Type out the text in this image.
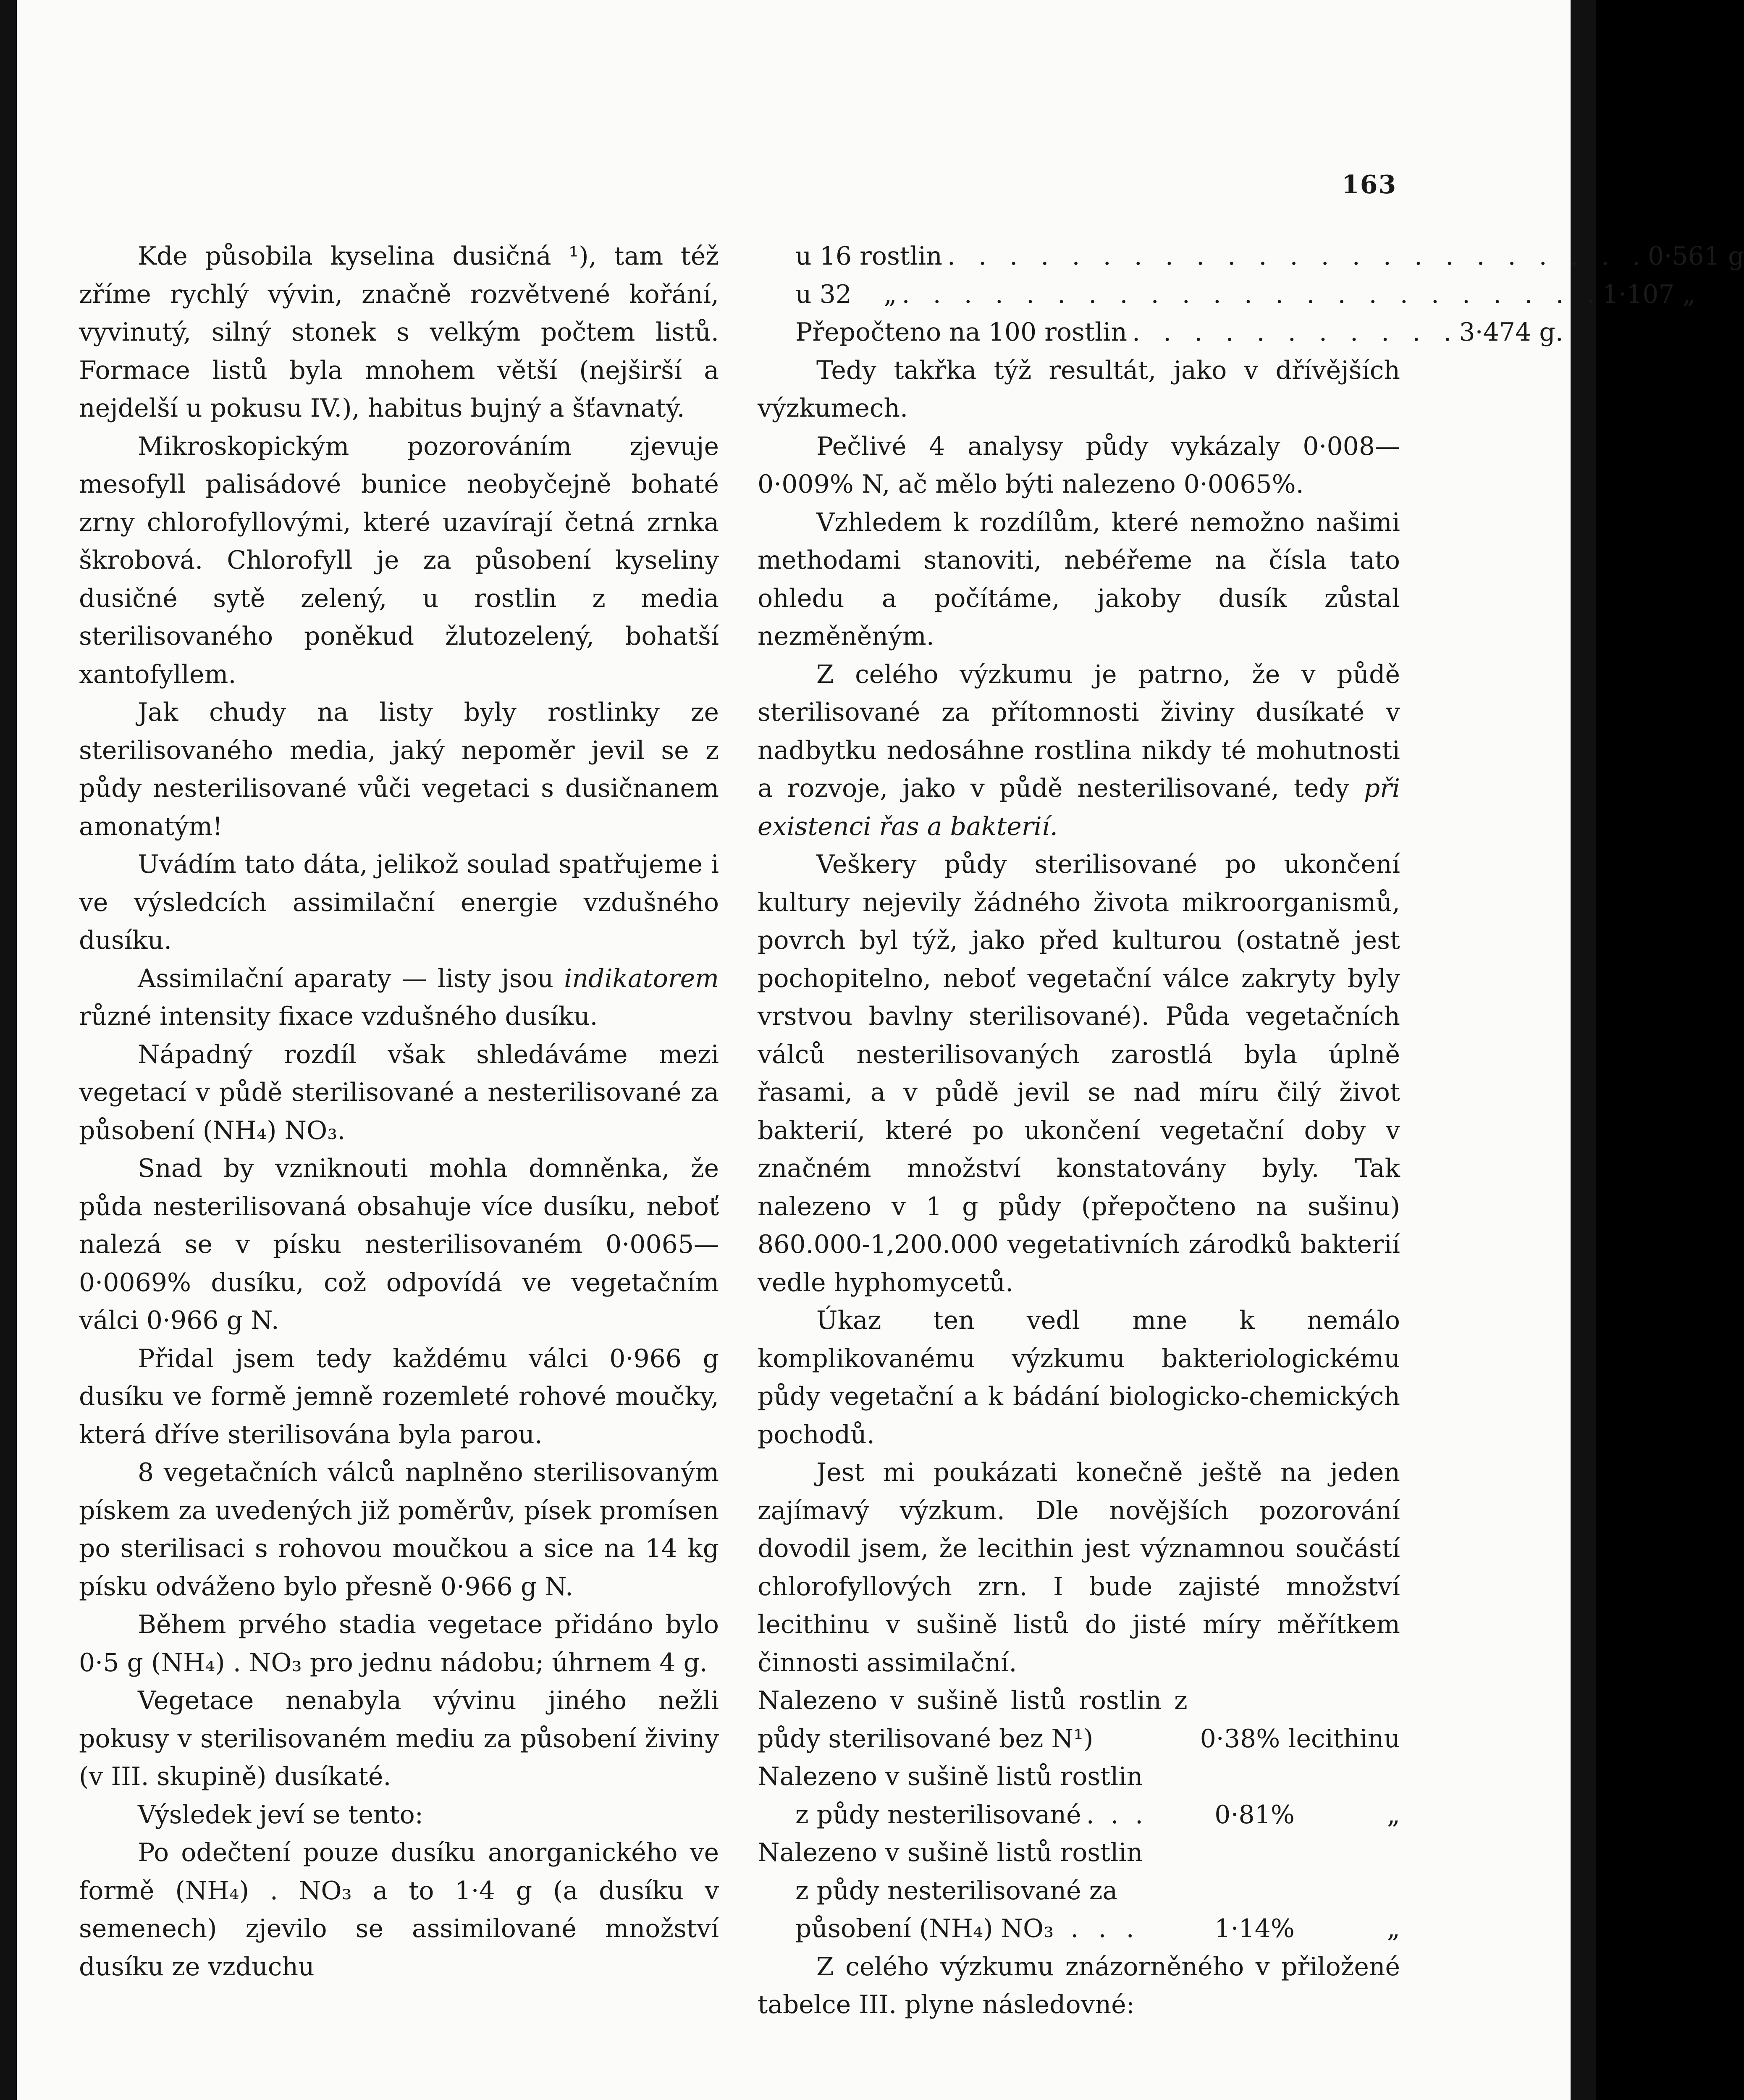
163

Kde působila kyselina dusičná ¹), tam též zříme rychlý vývin, značně rozvětvené kořání, vyvinutý, silný stonek s velkým počtem listů. Formace listů byla mnohem větší (nejširší a nejdelší u pokusu IV.), habitus bujný a šťavnatý.

Mikroskopickým pozorováním zjevuje mesofyll palisádové bunice neobyčejně bohaté zrny chlorofyllovými, které uzavírají četná zrnka škrobová. Chlorofyll je za působení kyseliny dusičné sytě zelený, u rostlin z media sterilisovaného poněkud žlutozelený, bohatší xantofyllem.

Jak chudy na listy byly rostlinky ze sterilisovaného media, jaký nepoměr jevil se z půdy nesterilisované vůči vegetaci s dusičnanem amonatým!

Uvádím tato dáta, jelikož soulad spatřujeme i ve výsledcích assimilační energie vzdušného dusíku.

Assimilační aparaty — listy jsou indikatorem různé intensity fixace vzdušného dusíku.

Nápadný rozdíl však shledáváme mezi vegetací v půdě sterilisované a nesterilisované za působení (NH₄) NO₃.

Snad by vzniknouti mohla domněnka, že půda nesterilisovaná obsahuje více dusíku, neboť nalezá se v písku nesterilisovaném 0·0065—0·0069% dusíku, což odpovídá ve vegetačním válci 0·966 g N.

Přidal jsem tedy každému válci 0·966 g dusíku ve formě jemně rozemleté rohové moučky, která dříve sterilisována byla parou.

8 vegetačních válců naplněno sterilisovaným pískem za uvedených již poměrův, písek promísen po sterilisaci s rohovou moučkou a sice na 14 kg písku odváženo bylo přesně 0·966 g N.

Během prvého stadia vegetace přidáno bylo 0·5 g (NH₄) . NO₃ pro jednu nádobu; úhrnem 4 g.

Vegetace nenabyla vývinu jiného nežli pokusy v sterilisovaném mediu za působení živiny (v III. skupině) dusíkaté.

Výsledek jeví se tento:

Po odečtení pouze dusíku anorganického ve formě (NH₄) . NO₃ a to 1·4 g (a dusíku v semenech) zjevilo se assimilované množství dusíku ze vzduchu

u 16 rostlin . . . . . . . . . . . . . . . . . . . . . . . 0·561 g
u 32    „ . . . . . . . . . . . . . . . . . . . . . . . 1·107 „
Přepočteno na 100 rostlin . . . . . . . . . . . 3·474 g.

Tedy takřka týž resultát, jako v dřívějších výzkumech.

Pečlivé 4 analysy půdy vykázaly 0·008—0·009% N, ač mělo býti nalezeno 0·0065%.

Vzhledem k rozdílům, které nemožno našimi methodami stanoviti, nebéřeme na čísla tato ohledu a počítáme, jakoby dusík zůstal nezměněným.

Z celého výzkumu je patrno, že v půdě sterilisované za přítomnosti živiny dusíkaté v nadbytku nedosáhne rostlina nikdy té mohutnosti a rozvoje, jako v půdě nesterilisované, tedy při existenci řas a bakterií.

Veškery půdy sterilisované po ukončení kultury nejevily žádného života mikroorganismů, povrch byl týž, jako před kulturou (ostatně jest pochopitelno, neboť vegetační válce zakryty byly vrstvou bavlny sterilisované). Půda vegetačních válců nesterilisovaných zarostlá byla úplně řasami, a v půdě jevil se nad míru čilý život bakterií, které po ukončení vegetační doby v značném množství konstatovány byly. Tak nalezeno v 1 g půdy (přepočteno na sušinu) 860.000-1,200.000 vegetativních zárodků bakterií vedle hyphomycetů.

Úkaz ten vedl mne k nemálo komplikovanému výzkumu bakteriologickému půdy vegetační a k bádání biologicko-chemických pochodů.

Jest mi poukázati konečně ještě na jeden zajímavý výzkum. Dle novějších pozorování dovodil jsem, že lecithin jest významnou součástí chlorofyllových zrn. I bude zajisté množství lecithinu v sušině listů do jisté míry měřítkem činnosti assimilační.

Nalezeno v sušině listů rostlin z půdy sterilisované bez N¹)	0·38% lecithinu
Nalezeno v sušině listů rostlin
z půdy nesterilisované . . .	0·81%	„
Nalezeno v sušině listů rostlin
z půdy nesterilisované za
působení (NH₄) NO₃ . . .	1·14%	„

Z celého výzkumu znázorněného v přiložené tabelce III. plyne následovné:
